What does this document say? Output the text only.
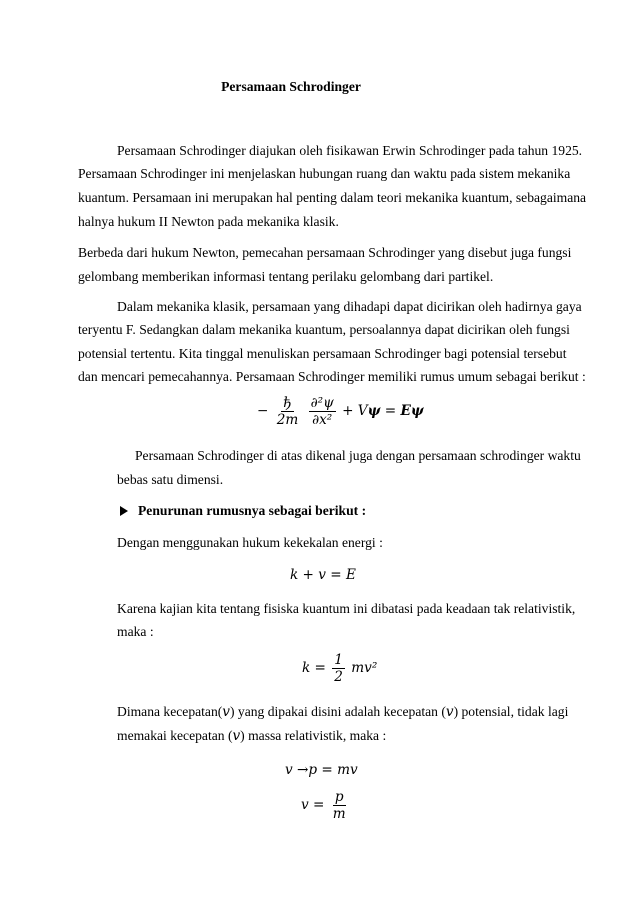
Persamaan Schrodinger
Persamaan Schrodinger diajukan oleh fisikawan Erwin Schrodinger pada tahun 1925.
Persamaan Schrodinger ini menjelaskan hubungan ruang dan waktu pada sistem mekanika
kuantum. Persamaan ini merupakan hal penting dalam teori mekanika kuantum, sebagaimana
halnya hukum II Newton pada mekanika klasik.
Berbeda dari hukum Newton, pemecahan persamaan Schrodinger yang disebut juga fungsi
gelombang memberikan informasi tentang perilaku gelombang dari partikel.
Dalam mekanika klasik, persamaan yang dihadapi dapat dicirikan oleh hadirnya gaya
teryentu F. Sedangkan dalam mekanika kuantum, persoalannya dapat dicirikan oleh fungsi
potensial tertentu. Kita tinggal menuliskan persamaan Schrodinger bagi potensial tersebut
dan mencari pemecahannya. Persamaan Schrodinger memiliki rumus umum sebagai berikut :
− $\frac{ђ}{2m}$
$\frac{\text{∂²ψ}}{\text{∂x²}} + V\psi = E\psi$
Persamaan Schrodinger di atas dikenal juga dengan persamaan schrodinger waktu
bebas satu dimensi.
Penurunan rumusnya sebagai berikut :
Dengan menggunakan hukum kekekalan energi :
k + v = E
Karena kajian kita tentang fisiska kuantum ini dibatasi pada keadaan tak relativistik,
maka :
$k = \frac{1}{2} mv^2$
Dimana kecepatan(v) yang dipakai disini adalah kecepatan (v) potensial, tidak lagi
memakai kecepatan (v) massa relativistik, maka :
v →p = mv
$v = \frac{p}{m}$
